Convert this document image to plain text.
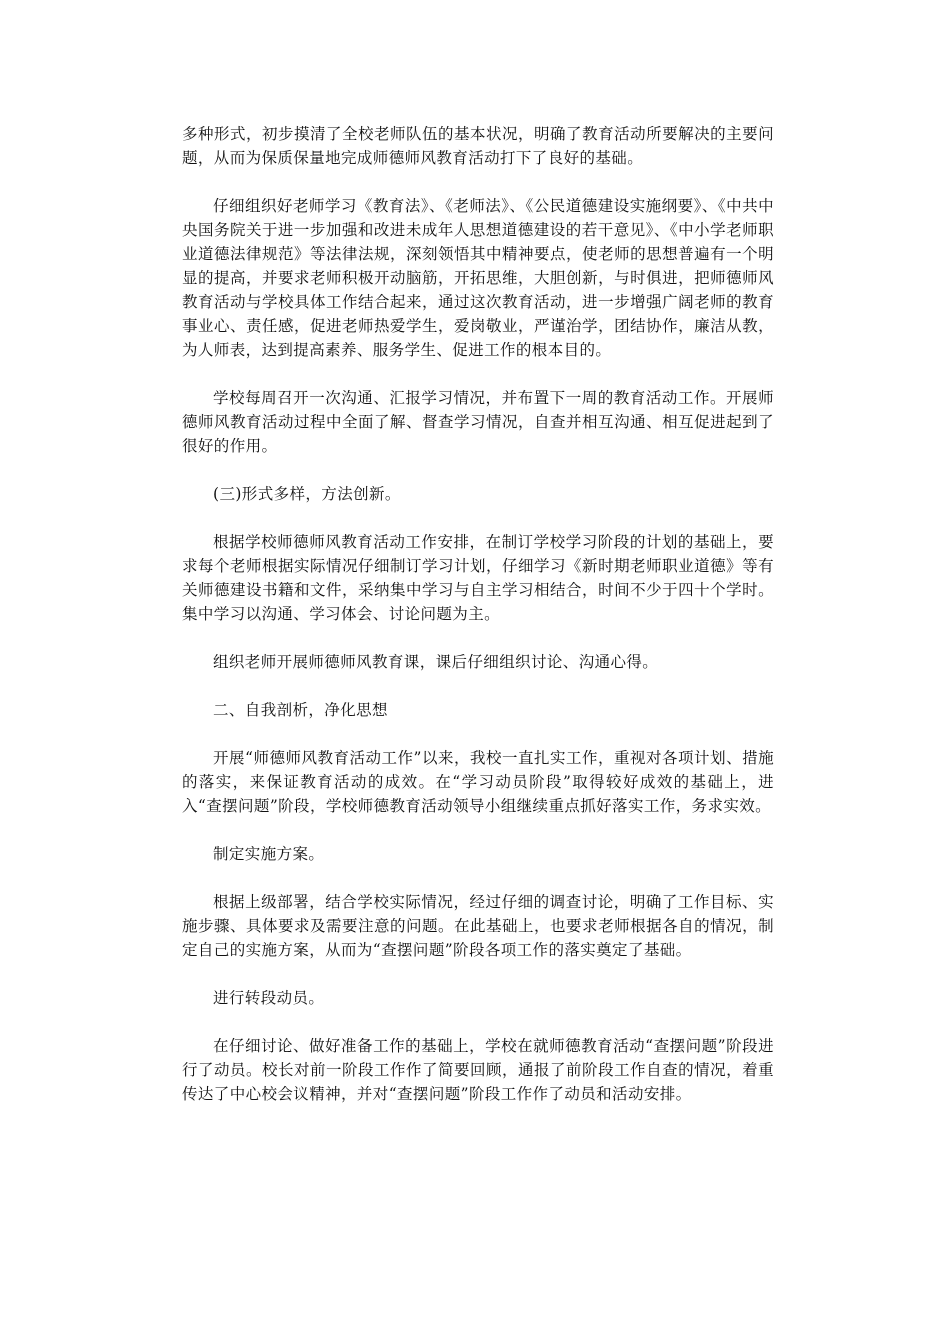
多种形式，初步摸清了全校老师队伍的基本状况，明确了教育活动所要解决的主要问题，从而为保质保量地完成师德师风教育活动打下了良好的基础。

仔细组织好老师学习《教育法》、《老师法》、《公民道德建设实施纲要》、《中共中央国务院关于进一步加强和改进未成年人思想道德建设的若干意见》、《中小学老师职业道德法律规范》等法律法规，深刻领悟其中精神要点，使老师的思想普遍有一个明显的提高，并要求老师积极开动脑筋，开拓思维，大胆创新，与时俱进，把师德师风教育活动与学校具体工作结合起来，通过这次教育活动，进一步增强广阔老师的教育事业心、责任感，促进老师热爱学生，爱岗敬业，严谨治学，团结协作，廉洁从教，为人师表，达到提高素养、服务学生、促进工作的根本目的。

学校每周召开一次沟通、汇报学习情况，并布置下一周的教育活动工作。开展师德师风教育活动过程中全面了解、督查学习情况，自查并相互沟通、相互促进起到了很好的作用。

(三)形式多样，方法创新。

根据学校师德师风教育活动工作安排，在制订学校学习阶段的计划的基础上，要求每个老师根据实际情况仔细制订学习计划，仔细学习《新时期老师职业道德》等有关师德建设书籍和文件，采纳集中学习与自主学习相结合，时间不少于四十个学时。集中学习以沟通、学习体会、讨论问题为主。

组织老师开展师德师风教育课，课后仔细组织讨论、沟通心得。

二、自我剖析，净化思想

开展“师德师风教育活动工作”以来，我校一直扎实工作，重视对各项计划、措施的落实，来保证教育活动的成效。在“学习动员阶段”取得较好成效的基础上，进入“查摆问题”阶段，学校师德教育活动领导小组继续重点抓好落实工作，务求实效。

制定实施方案。

根据上级部署，结合学校实际情况，经过仔细的调查讨论，明确了工作目标、实施步骤、具体要求及需要注意的问题。在此基础上，也要求老师根据各自的情况，制定自己的实施方案，从而为“查摆问题”阶段各项工作的落实奠定了基础。

进行转段动员。

在仔细讨论、做好准备工作的基础上，学校在就师德教育活动“查摆问题”阶段进行了动员。校长对前一阶段工作作了简要回顾，通报了前阶段工作自查的情况，着重传达了中心校会议精神，并对“查摆问题”阶段工作作了动员和活动安排。
